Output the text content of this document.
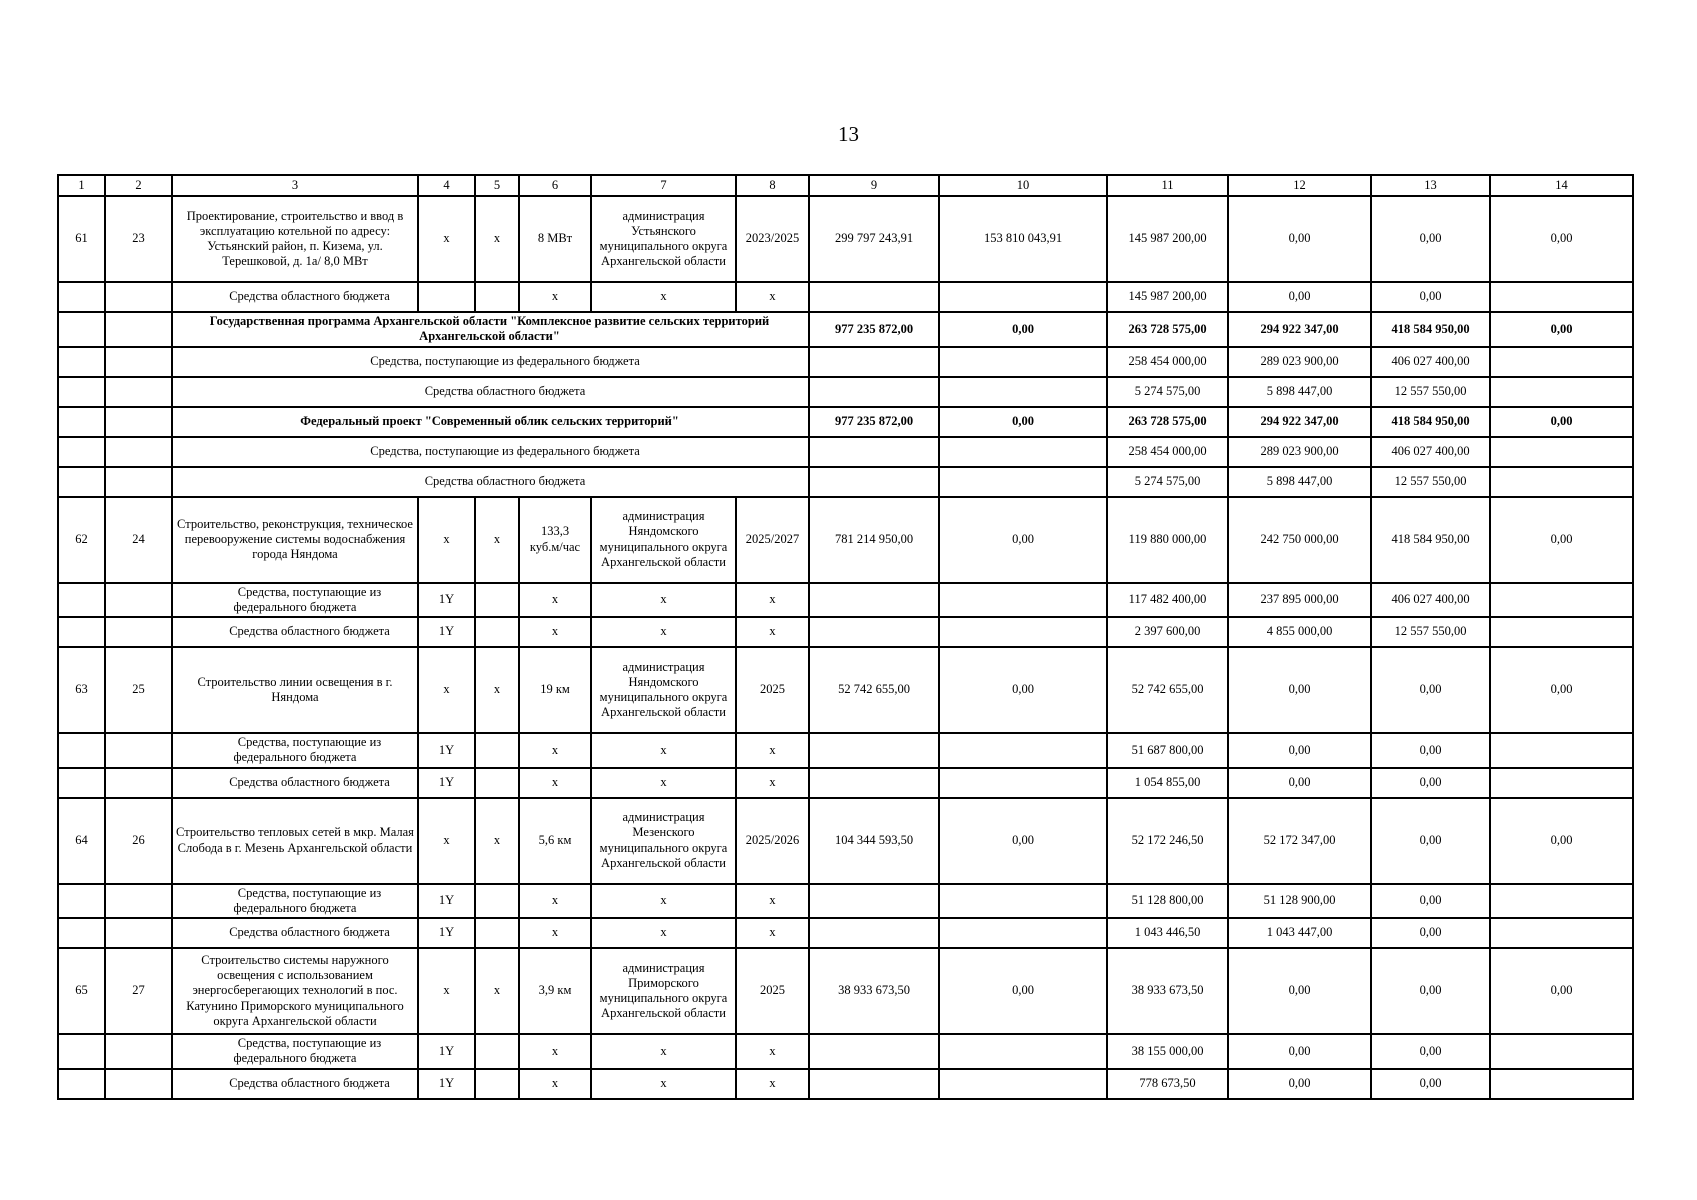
13
1	2	3	4	5	6	7	8	9	10	11	12	13	14
61	23	Проектирование, строительство и ввод в эксплуатацию котельной по адресу: Устьянский район, п. Кизема, ул. Терешковой, д. 1а/ 8,0 МВт	х	х	8 МВт	администрация Устьянского муниципального округа Архангельской области	2023/2025	299 797 243,91	153 810 043,91	145 987 200,00	0,00	0,00	0,00
		Средства областного бюджета			х	х	х			145 987 200,00	0,00	0,00	
		Государственная программа Архангельской области "Комплексное развитие сельских территорий Архангельской области"						977 235 872,00	0,00	263 728 575,00	294 922 347,00	418 584 950,00	0,00
		Средства, поступающие из федерального бюджета								258 454 000,00	289 023 900,00	406 027 400,00	
		Средства областного бюджета								5 274 575,00	5 898 447,00	12 557 550,00	
		Федеральный проект "Современный облик сельских территорий"						977 235 872,00	0,00	263 728 575,00	294 922 347,00	418 584 950,00	0,00
		Средства, поступающие из федерального бюджета								258 454 000,00	289 023 900,00	406 027 400,00	
		Средства областного бюджета								5 274 575,00	5 898 447,00	12 557 550,00	
62	24	Строительство, реконструкция, техническое перевооружение системы водоснабжения города Няндома	х	х	133,3 куб.м/час	администрация Няндомского муниципального округа Архангельской области	2025/2027	781 214 950,00	0,00	119 880 000,00	242 750 000,00	418 584 950,00	0,00
		Средства, поступающие из федерального бюджета	1Y		х	х	х			117 482 400,00	237 895 000,00	406 027 400,00	
		Средства областного бюджета	1Y		х	х	х			2 397 600,00	4 855 000,00	12 557 550,00	
63	25	Строительство линии освещения в г. Няндома	х	х	19 км	администрация Няндомского муниципального округа Архангельской области	2025	52 742 655,00	0,00	52 742 655,00	0,00	0,00	0,00
		Средства, поступающие из федерального бюджета	1Y		х	х	х			51 687 800,00	0,00	0,00	
		Средства областного бюджета	1Y		х	х	х			1 054 855,00	0,00	0,00	
64	26	Строительство тепловых сетей в мкр. Малая Слобода в г. Мезень Архангельской области	х	х	5,6 км	администрация Мезенского муниципального округа Архангельской области	2025/2026	104 344 593,50	0,00	52 172 246,50	52 172 347,00	0,00	0,00
		Средства, поступающие из федерального бюджета	1Y		х	х	х			51 128 800,00	51 128 900,00	0,00	
		Средства областного бюджета	1Y		х	х	х			1 043 446,50	1 043 447,00	0,00	
65	27	Строительство системы наружного освещения с использованием энергосберегающих технологий в пос. Катунино Приморского муниципального округа Архангельской области	х	х	3,9 км	администрация Приморского муниципального округа Архангельской области	2025	38 933 673,50	0,00	38 933 673,50	0,00	0,00	0,00
		Средства, поступающие из федерального бюджета	1Y		х	х	х			38 155 000,00	0,00	0,00	
		Средства областного бюджета	1Y		х	х	х			778 673,50	0,00	0,00	
